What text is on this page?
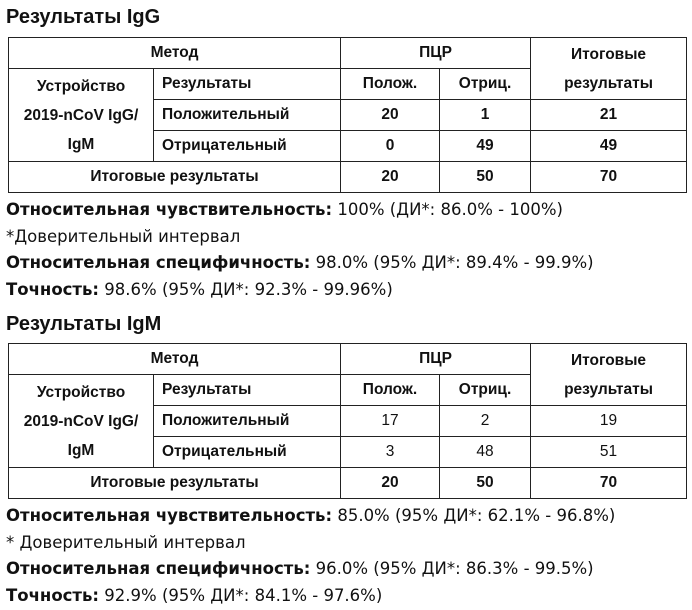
Результаты IgG
Метод		ПЦР		Итоговые
результаты

Устройство
2019-nCoV IgG/
IgM	Результаты	Полож.	Отриц.	
	Положительный	20	1	21
	Отрицательный	0	49	49
Итоговые результаты		20	50	70
Относительная чувствительность: 100% (ДИ*: 86.0% - 100%)
*Доверительный интервал
Относительная специфичность: 98.0% (95% ДИ*: 89.4% - 99.9%)
Точность: 98.6% (95% ДИ*: 92.3% - 99.96%)
Результаты IgM
Метод		ПЦР		Итоговые
результаты

Устройство
2019-nCoV IgG/
IgM	Результаты	Полож.	Отриц.	
	Положительный	17	2	19
	Отрицательный	3	48	51
Итоговые результаты		20	50	70
Относительная чувствительность: 85.0% (95% ДИ*: 62.1% - 96.8%)
* Доверительный интервал
Относительная специфичность: 96.0% (95% ДИ*: 86.3% - 99.5%)
Точность: 92.9% (95% ДИ*: 84.1% - 97.6%)
